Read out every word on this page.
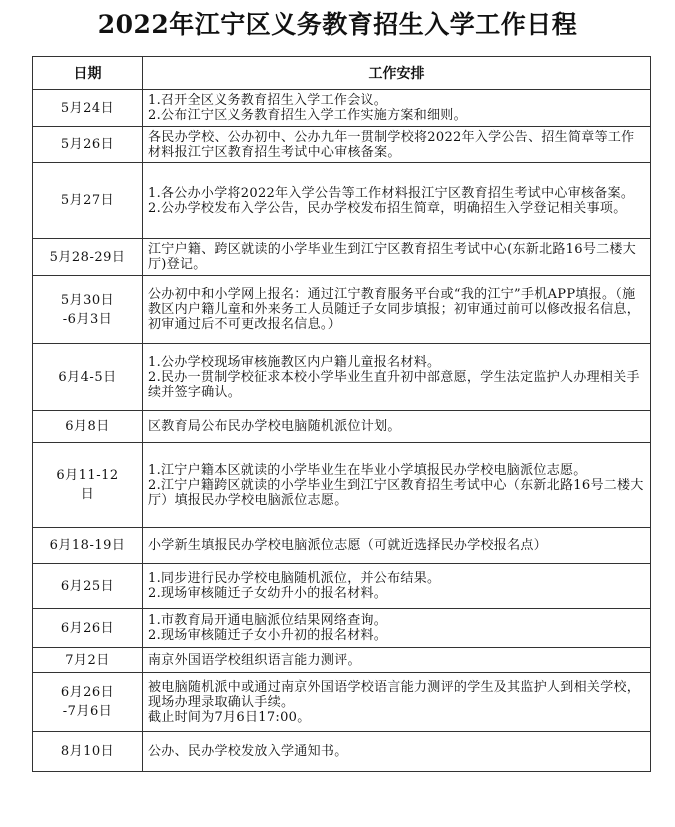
2022年江宁区义务教育招生入学工作日程
日期	工作安排
5月24日	1.召开全区义务教育招生入学工作会议。
2.公布江宁区义务教育招生入学工作实施方案和细则。

5月26日	各民办学校、公办初中、公办九年一贯制学校将2022年入学公告、招生简章等工作材料报江宁区教育招生考试中心审核备案。

5月27日	1.各公办小学将2022年入学公告等工作材料报江宁区教育招生考试中心审核备案。
2.公办学校发布入学公告，民办学校发布招生简章，明确招生入学登记相关事项。

5月28-29日	江宁户籍、跨区就读的小学毕业生到江宁区教育招生考试中心(东新北路16号二楼大厅)登记。

5月30日
-6月3日	公办初中和小学网上报名：通过江宁教育服务平台或“我的江宁”手机APP填报。（施教区内户籍儿童和外来务工人员随迁子女同步填报；初审通过前可以修改报名信息，初审通过后不可更改报名信息。）

6月4-5日	1.公办学校现场审核施教区内户籍儿童报名材料。
2.民办一贯制学校征求本校小学毕业生直升初中部意愿，学生法定监护人办理相关手续并签字确认。

6月8日	区教育局公布民办学校电脑随机派位计划。

6月11-12
日	1.江宁户籍本区就读的小学毕业生在毕业小学填报民办学校电脑派位志愿。
2.江宁户籍跨区就读的小学毕业生到江宁区教育招生考试中心（东新北路16号二楼大厅）填报民办学校电脑派位志愿。

6月18-19日	小学新生填报民办学校电脑派位志愿（可就近选择民办学校报名点）

6月25日	1.同步进行民办学校电脑随机派位，并公布结果。
2.现场审核随迁子女幼升小的报名材料。

6月26日	1.市教育局开通电脑派位结果网络查询。
2.现场审核随迁子女小升初的报名材料。

7月2日	南京外国语学校组织语言能力测评。

6月26日
-7月6日	被电脑随机派中或通过南京外国语学校语言能力测评的学生及其监护人到相关学校，现场办理录取确认手续。
截止时间为7月6日17:00。

8月10日	公办、民办学校发放入学通知书。
